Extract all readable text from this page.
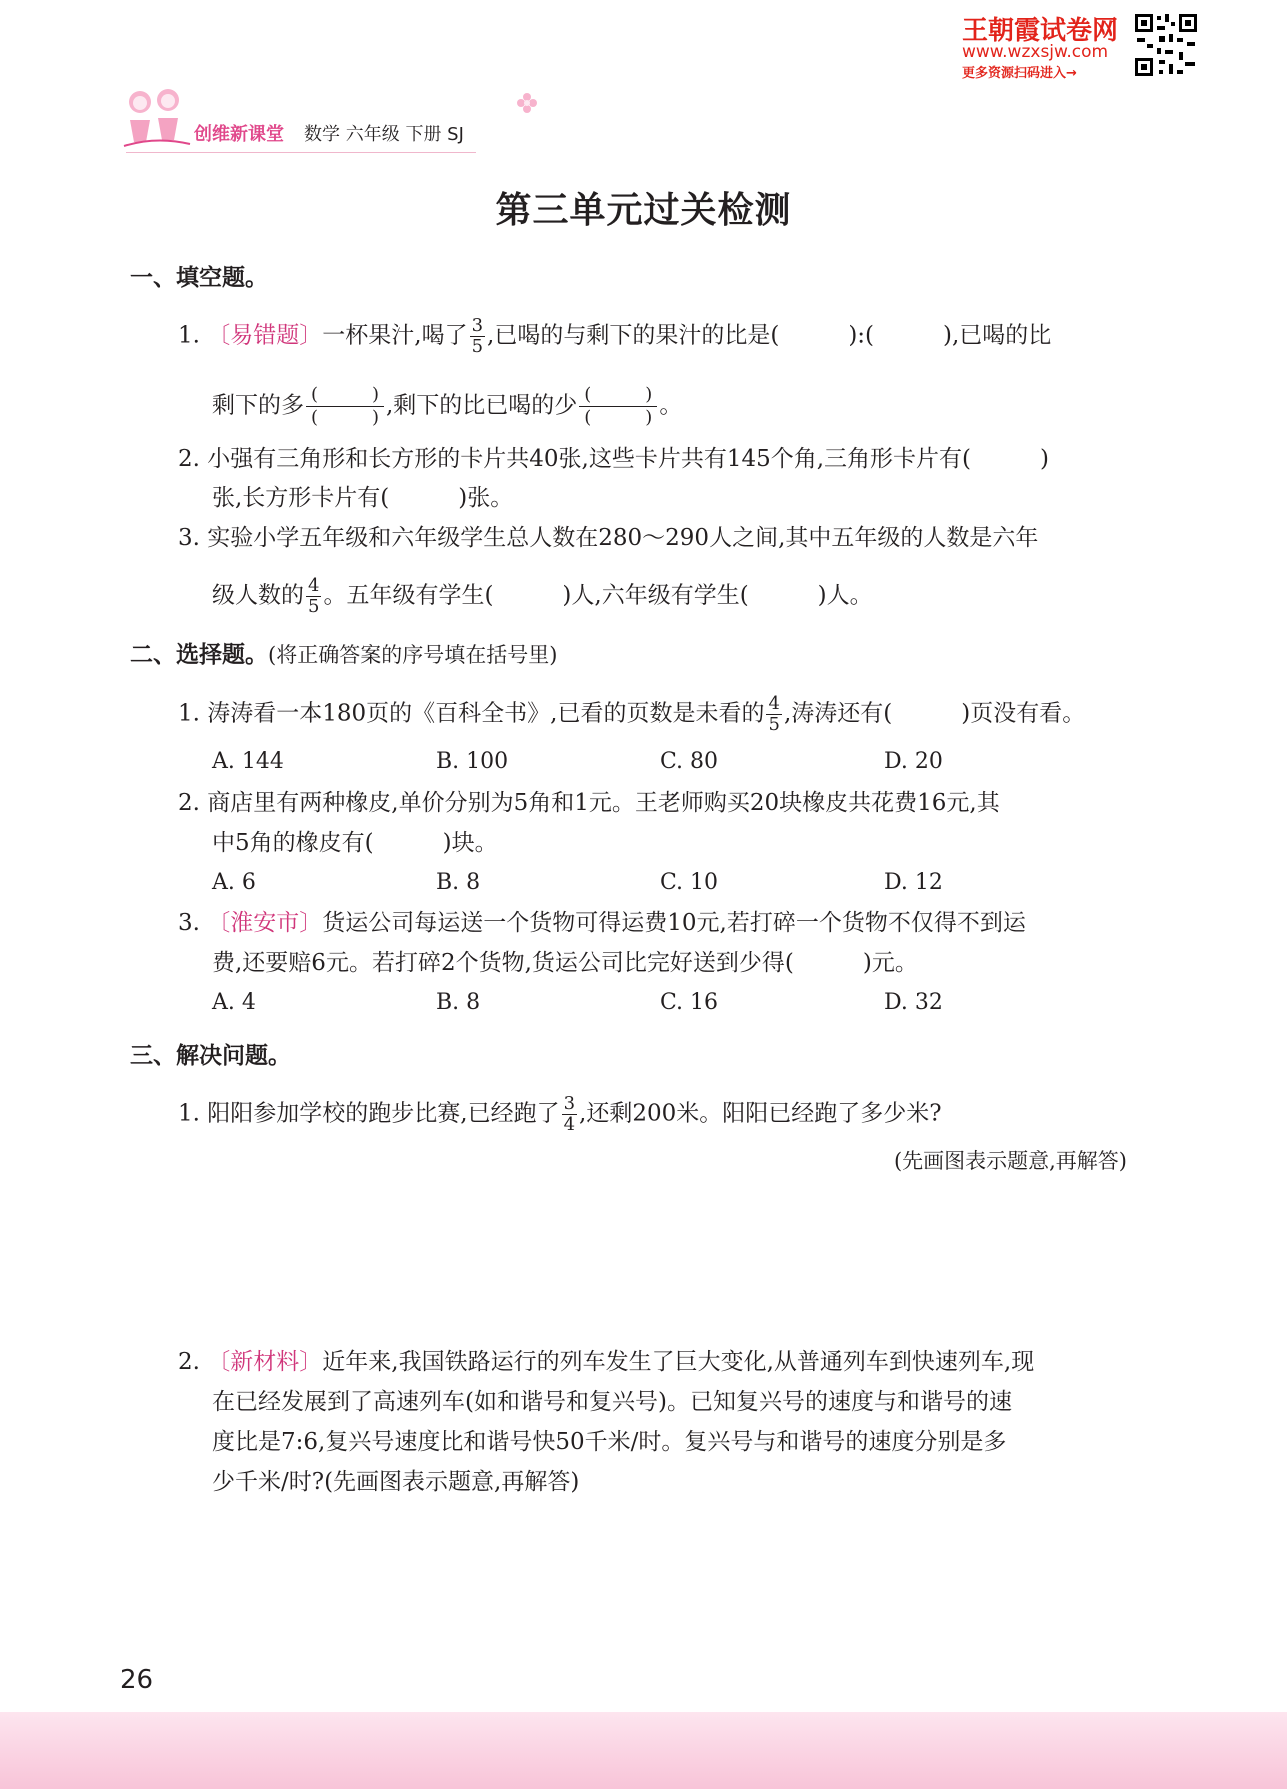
创维新课堂 数学 六年级 下册 SJ
王朝霞试卷网
www.wzxsjw.com
更多资源扫码进入→
第三单元过关检测
一、填空题。
1. 〔易错题〕一杯果汁,喝了 $\frac{3}{5}$ ,已喝的与剩下的果汁的比是(　　　):(　　　),已喝的比
剩下的多 $\frac{( )}{( )}$ ,剩下的比已喝的少 $\frac{( )}{( )}$ 。
2. 小强有三角形和长方形的卡片共40张,这些卡片共有145个角,三角形卡片有(　　　)
张,长方形卡片有(　　　)张。
3. 实验小学五年级和六年级学生总人数在280～290人之间,其中五年级的人数是六年
级人数的 $\frac{4}{5}$ 。五年级有学生(　　　)人,六年级有学生(　　　)人。
二、选择题。(将正确答案的序号填在括号里)
1. 涛涛看一本180页的《百科全书》,已看的页数是未看的 $\frac{4}{5}$ ,涛涛还有(　　　)页没有看。
A. 144	B. 100	C. 80	D. 20
2. 商店里有两种橡皮,单价分别为5角和1元。王老师购买20块橡皮共花费16元,其
中5角的橡皮有(　　　)块。
A. 6	B. 8	C. 10	D. 12
3. 〔淮安市〕货运公司每运送一个货物可得运费10元,若打碎一个货物不仅得不到运
费,还要赔6元。若打碎2个货物,货运公司比完好送到少得(　　　)元。
A. 4	B. 8	C. 16	D. 32
三、解决问题。
1. 阳阳参加学校的跑步比赛,已经跑了 $\frac{3}{4}$ ,还剩200米。阳阳已经跑了多少米?
(先画图表示题意,再解答)
2. 〔新材料〕近年来,我国铁路运行的列车发生了巨大变化,从普通列车到快速列车,现
在已经发展到了高速列车(如和谐号和复兴号)。已知复兴号的速度与和谐号的速
度比是7:6,复兴号速度比和谐号快50千米/时。复兴号与和谐号的速度分别是多
少千米/时?(先画图表示题意,再解答)
26
